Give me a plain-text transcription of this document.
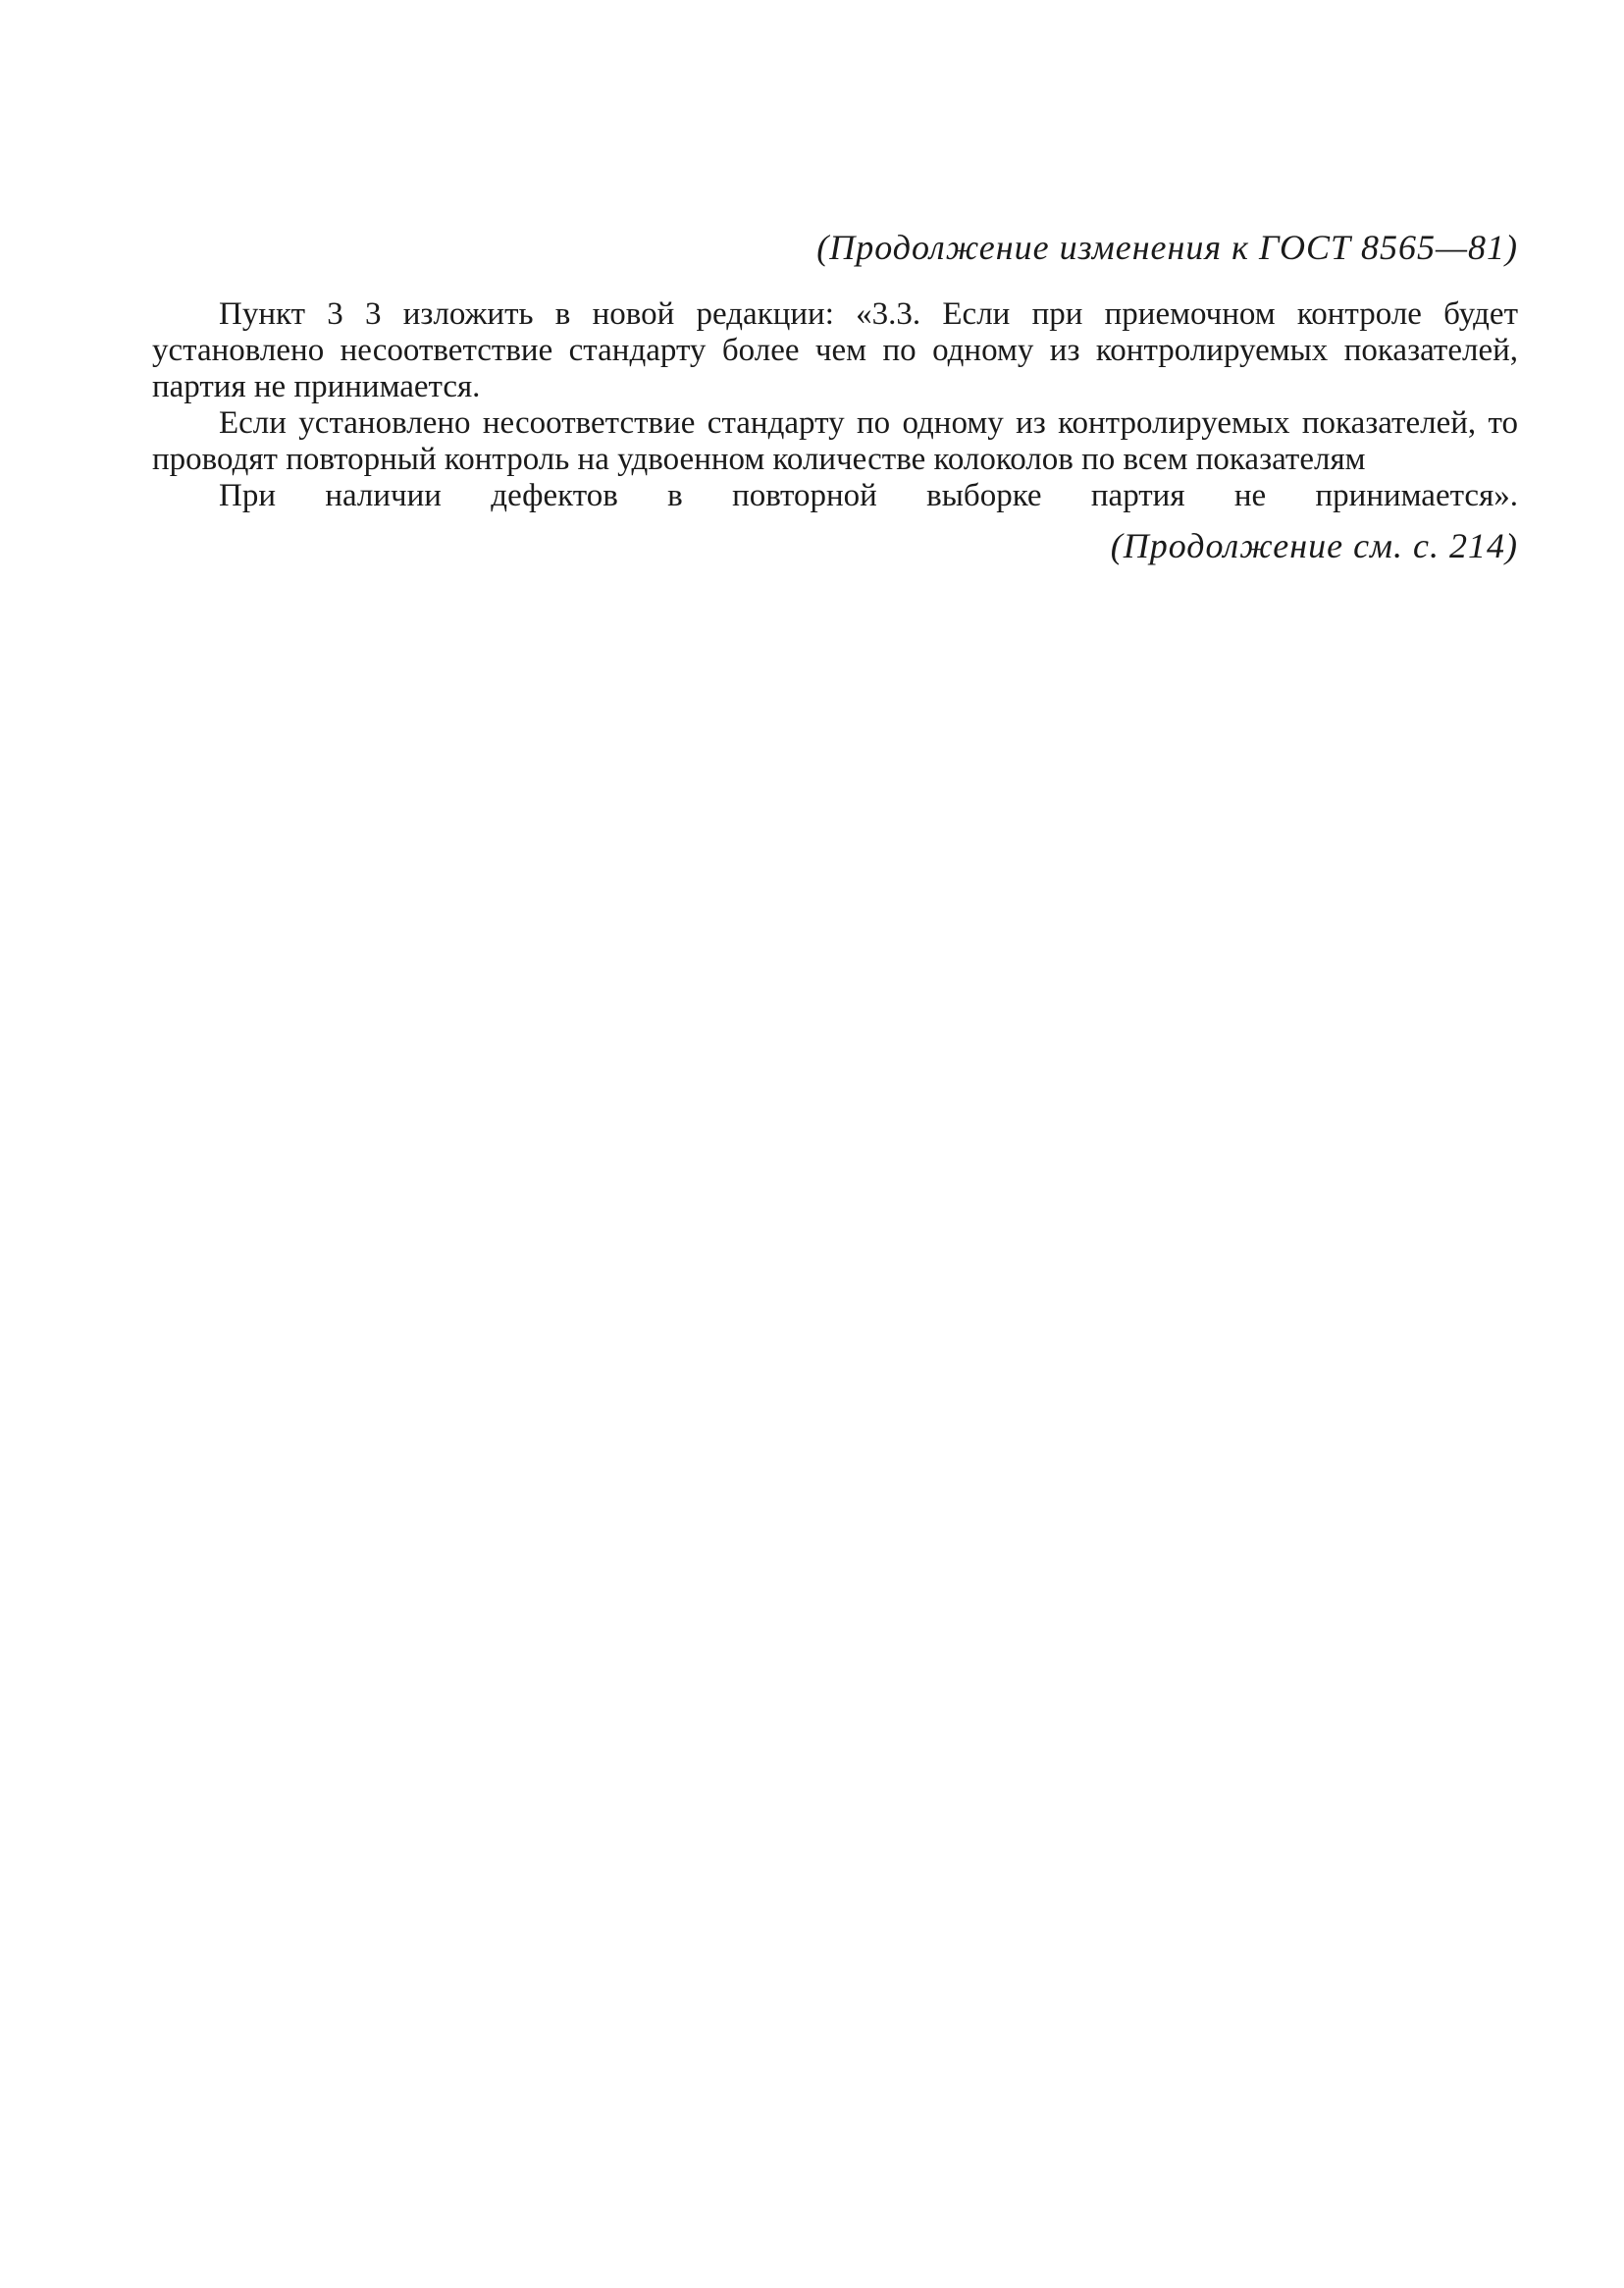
(Продолжение изменения к ГОСТ 8565—81)

Пункт 3 3 изложить в новой редакции: «3.3. Если при приемочном контроле будет установлено несоответствие стандарту более чем по одному из контролируемых показателей, партия не принимается.

Если установлено несоответствие стандарту по одному из контролируемых показателей, то проводят повторный контроль на удвоенном количестве колоколов по всем показателям

При наличии дефектов в повторной выборке партия не принимается».

(Продолжение см. с. 214)
